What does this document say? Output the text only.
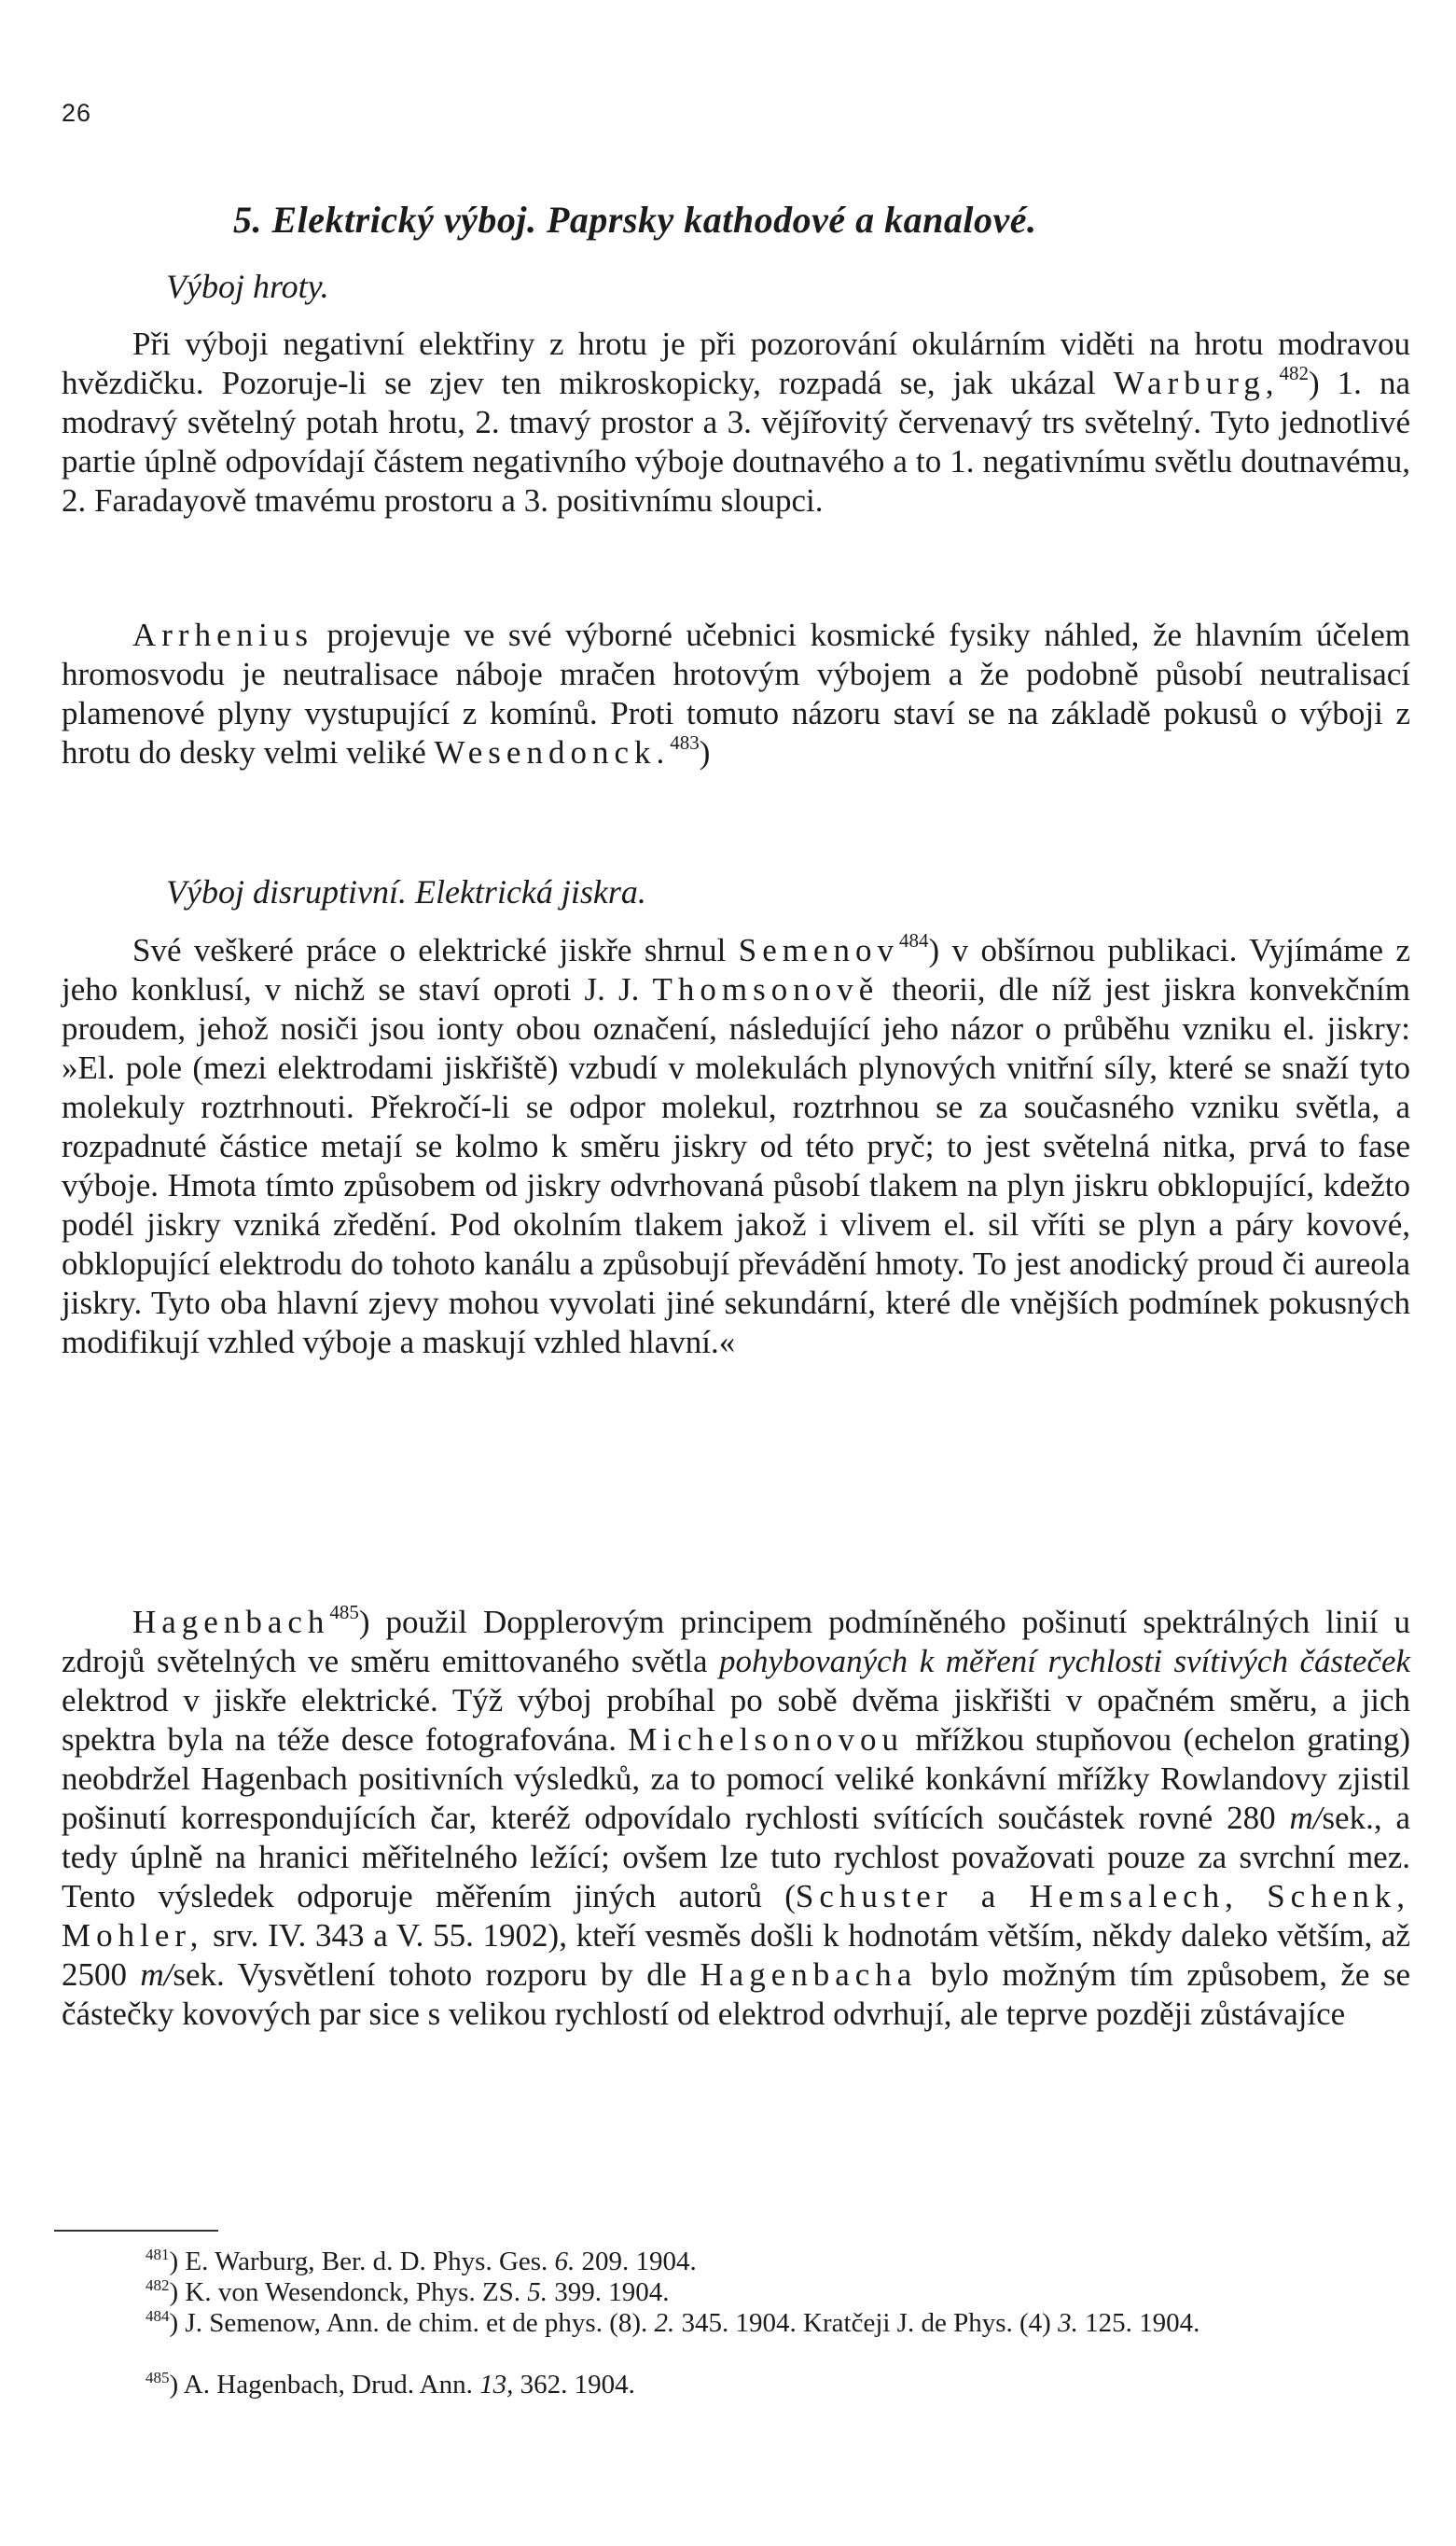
26
5. Elektrický výboj. Paprsky kathodové a kanalové.
Výboj hroty.
Při výboji negativní elektřiny z hrotu je při pozorování okulárním viděti na hrotu modravou hvězdičku. Pozoruje-li se zjev ten mikroskopicky, rozpadá se, jak ukázal Warburg,$^{482}$) 1. na modravý světelný potah hrotu, 2. tmavý prostor a 3. vějířovitý červenavý trs světelný. Tyto jednotlivé partie úplně odpovídají částem negativního výboje doutnavého a to 1. negativnímu světlu doutnavému, 2. Faradayově tmavému prostoru a 3. positivnímu sloupci.
Arrhenius projevuje ve své výborné učebnici kosmické fysiky náhled, že hlavním účelem hromosvodu je neutralisace náboje mračen hrotovým výbojem a že podobně působí neutralisací plamenové plyny vystupující z komínů. Proti tomuto názoru staví se na základě pokusů o výboji z hrotu do desky velmi veliké Wesendonck.$^{483}$)
Výboj disruptivní. Elektrická jiskra.
Své veškeré práce o elektrické jiskře shrnul Semenov$^{484}$) v obšírnou publikaci. Vyjímáme z jeho konklusí, v nichž se staví oproti J. J. Thomsonově theorii, dle níž jest jiskra konvekčním proudem, jehož nosiči jsou ionty obou označení, následující jeho názor o průběhu vzniku el. jiskry: »El. pole (mezi elektrodami jiskřiště) vzbudí v molekulách plynových vnitřní síly, které se snaží tyto molekuly roztrhnouti. Překročí-li se odpor molekul, roztrhnou se za současného vzniku světla, a rozpadnuté částice metají se kolmo k směru jiskry od této pryč; to jest světelná nitka, prvá to fase výboje. Hmota tímto způsobem od jiskry odvrhovaná působí tlakem na plyn jiskru obklopující, kdežto podél jiskry vzniká zředění. Pod okolním tlakem jakož i vlivem el. sil vříti se plyn a páry kovové, obklopující elektrodu do tohoto kanálu a způsobují převádění hmoty. To jest anodický proud či aureola jiskry. Tyto oba hlavní zjevy mohou vyvolati jiné sekundární, které dle vnějších podmínek pokusných modifikují vzhled výboje a maskují vzhled hlavní.«
Hagenbach$^{485}$) použil Dopplerovým principem podmíněného pošinutí spektrálných linií u zdrojů světelných ve směru emittovaného světla pohybovaných k měření rychlosti svítivých částeček elektrod v jiskře elektrické. Týž výboj probíhal po sobě dvěma jiskřišti v opačném směru, a jich spektra byla na téže desce fotografována. Michelsonovou mřížkou stupňovou (echelon grating) neobdržel Hagenbach positivních výsledků, za to pomocí veliké konkávní mřížky Rowlandovy zjistil pošinutí korrespondujících čar, kteréž odpovídalo rychlosti svítících součástek rovné 280 m/sek., a tedy úplně na hranici měřitelného ležící; ovšem lze tuto rychlost považovati pouze za svrchní mez. Tento výsledek odporuje měřením jiných autorů (Schuster a Hemsalech, Schenk, Mohler, srv. IV. 343 a V. 55. 1902), kteří vesměs došli k hodnotám větším, někdy daleko větším, až 2500 m/sek. Vysvětlení tohoto rozporu by dle Hagenbacha bylo možným tím způsobem, že se částečky kovových par sice s velikou rychlostí od elektrod odvrhují, ale teprve později zůstávajíce
$^{481}$) E. Warburg, Ber. d. D. Phys. Ges. 6. 209. 1904.
$^{482}$) K. von Wesendonck, Phys. ZS. 5. 399. 1904.
$^{484}$) J. Semenow, Ann. de chim. et de phys. (8). 2. 345. 1904. Kratčeji J. de Phys. (4) 3. 125. 1904.
$^{485}$) A. Hagenbach, Drud. Ann. 13, 362. 1904.
